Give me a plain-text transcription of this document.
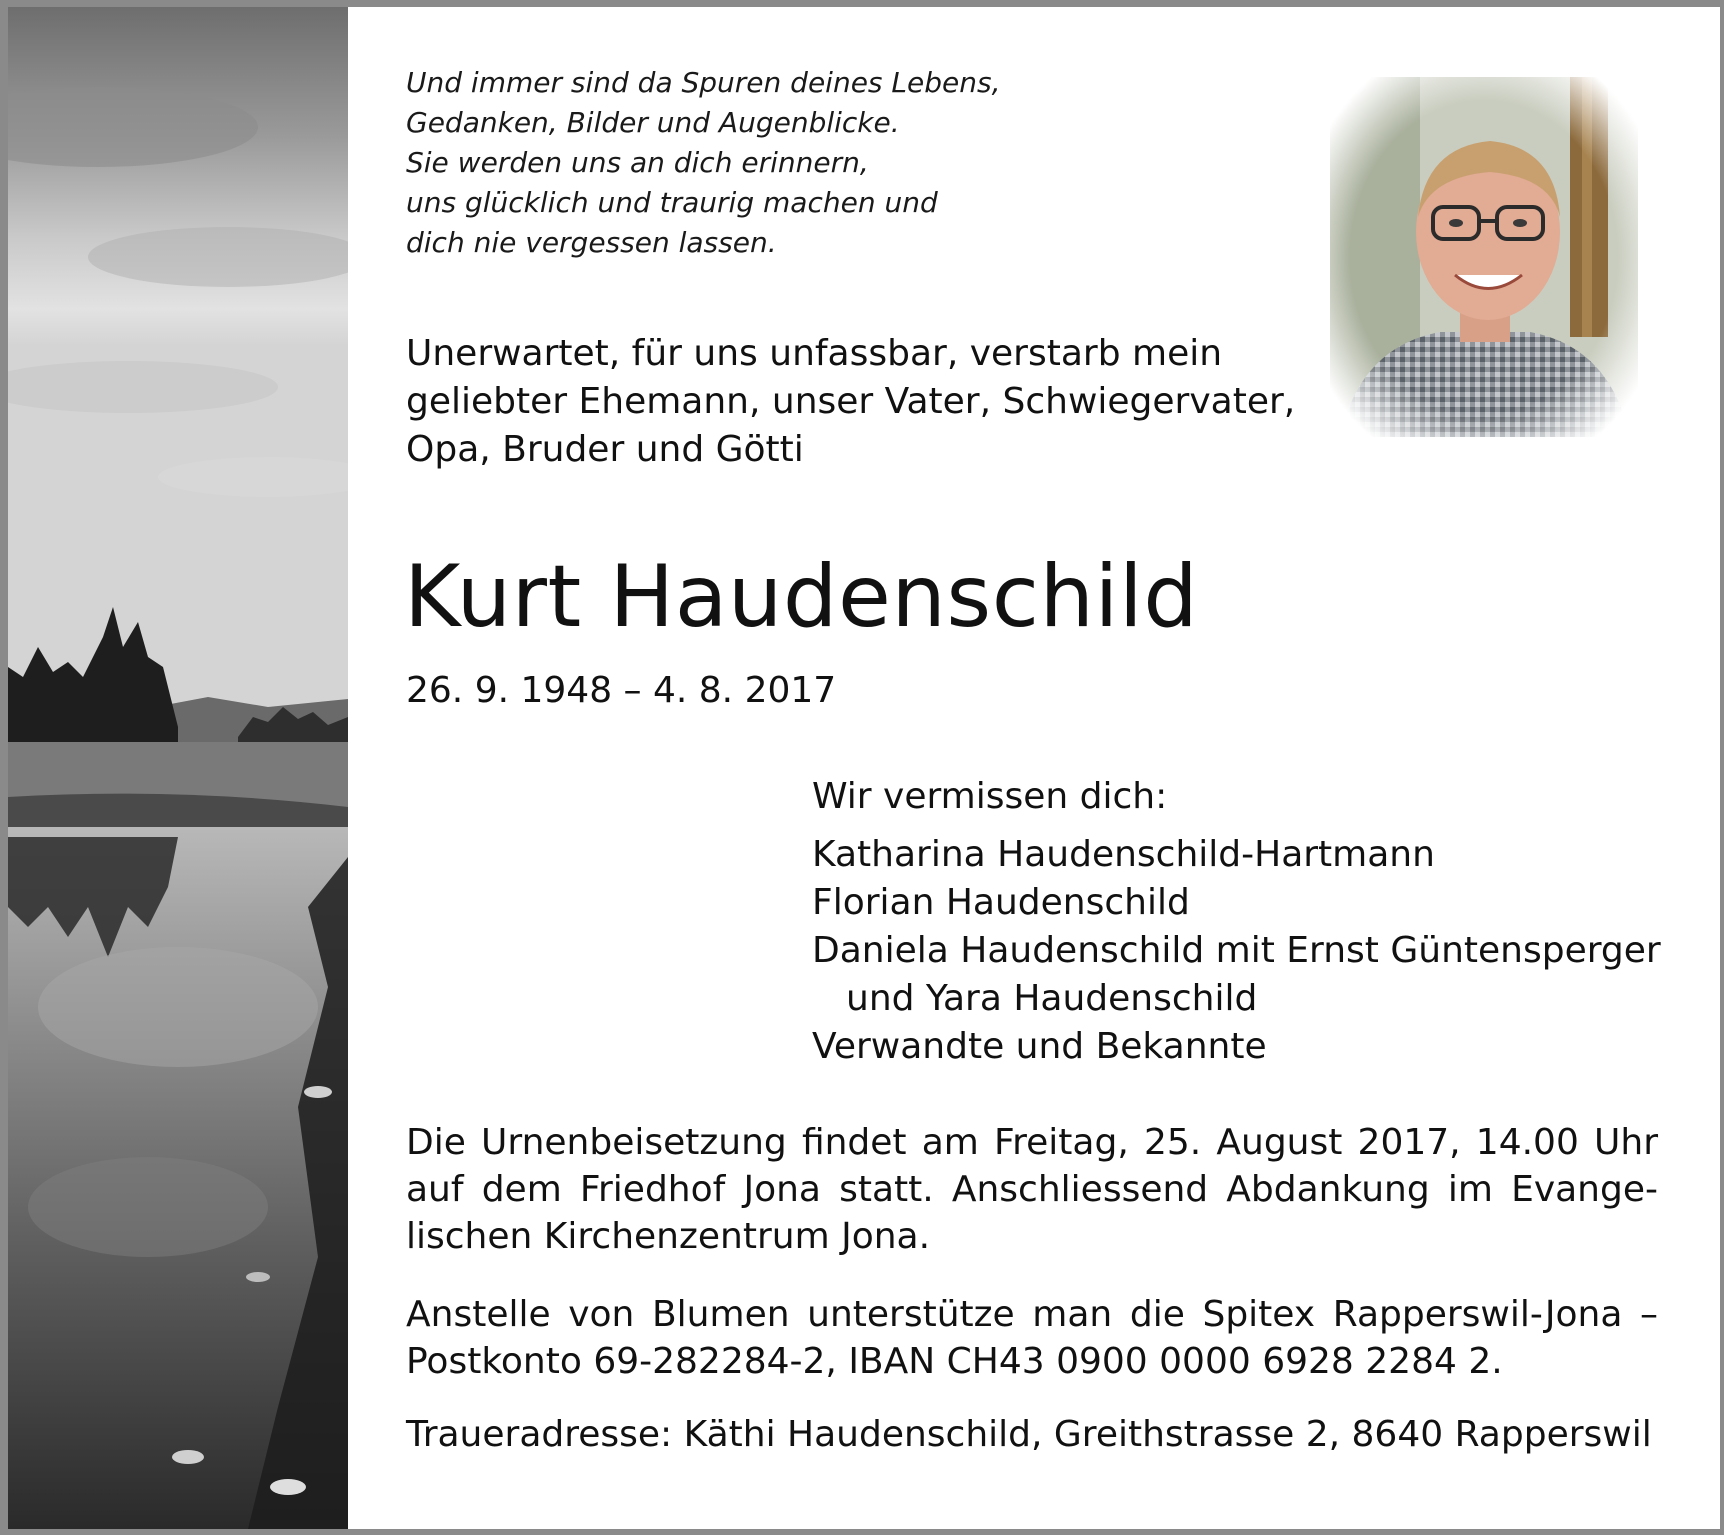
Und immer sind da Spuren deines Lebens,
Gedanken, Bilder und Augenblicke.
Sie werden uns an dich erinnern,
uns glücklich und traurig machen und
dich nie vergessen lassen.
Unerwartet, für uns unfassbar, verstarb mein
geliebter Ehemann, unser Vater, Schwiegervater,
Opa, Bruder und Götti
Kurt Haudenschild
26. 9. 1948 – 4. 8. 2017
Wir vermissen dich:
Katharina Haudenschild-Hartmann
Florian Haudenschild
Daniela Haudenschild mit Ernst Güntensperger
und Yara Haudenschild
Verwandte und Bekannte
Die Urnenbeisetzung findet am Freitag, 25. August 2017, 14.00 Uhr auf dem Friedhof Jona statt. Anschliessend Abdankung im Evangelischen Kirchenzentrum Jona.
Anstelle von Blumen unterstütze man die Spitex Rapperswil-Jona – Postkonto 69-282284-2, IBAN CH43 0900 0000 6928 2284 2.
Traueradresse: Käthi Haudenschild, Greithstrasse 2, 8640 Rapperswil
